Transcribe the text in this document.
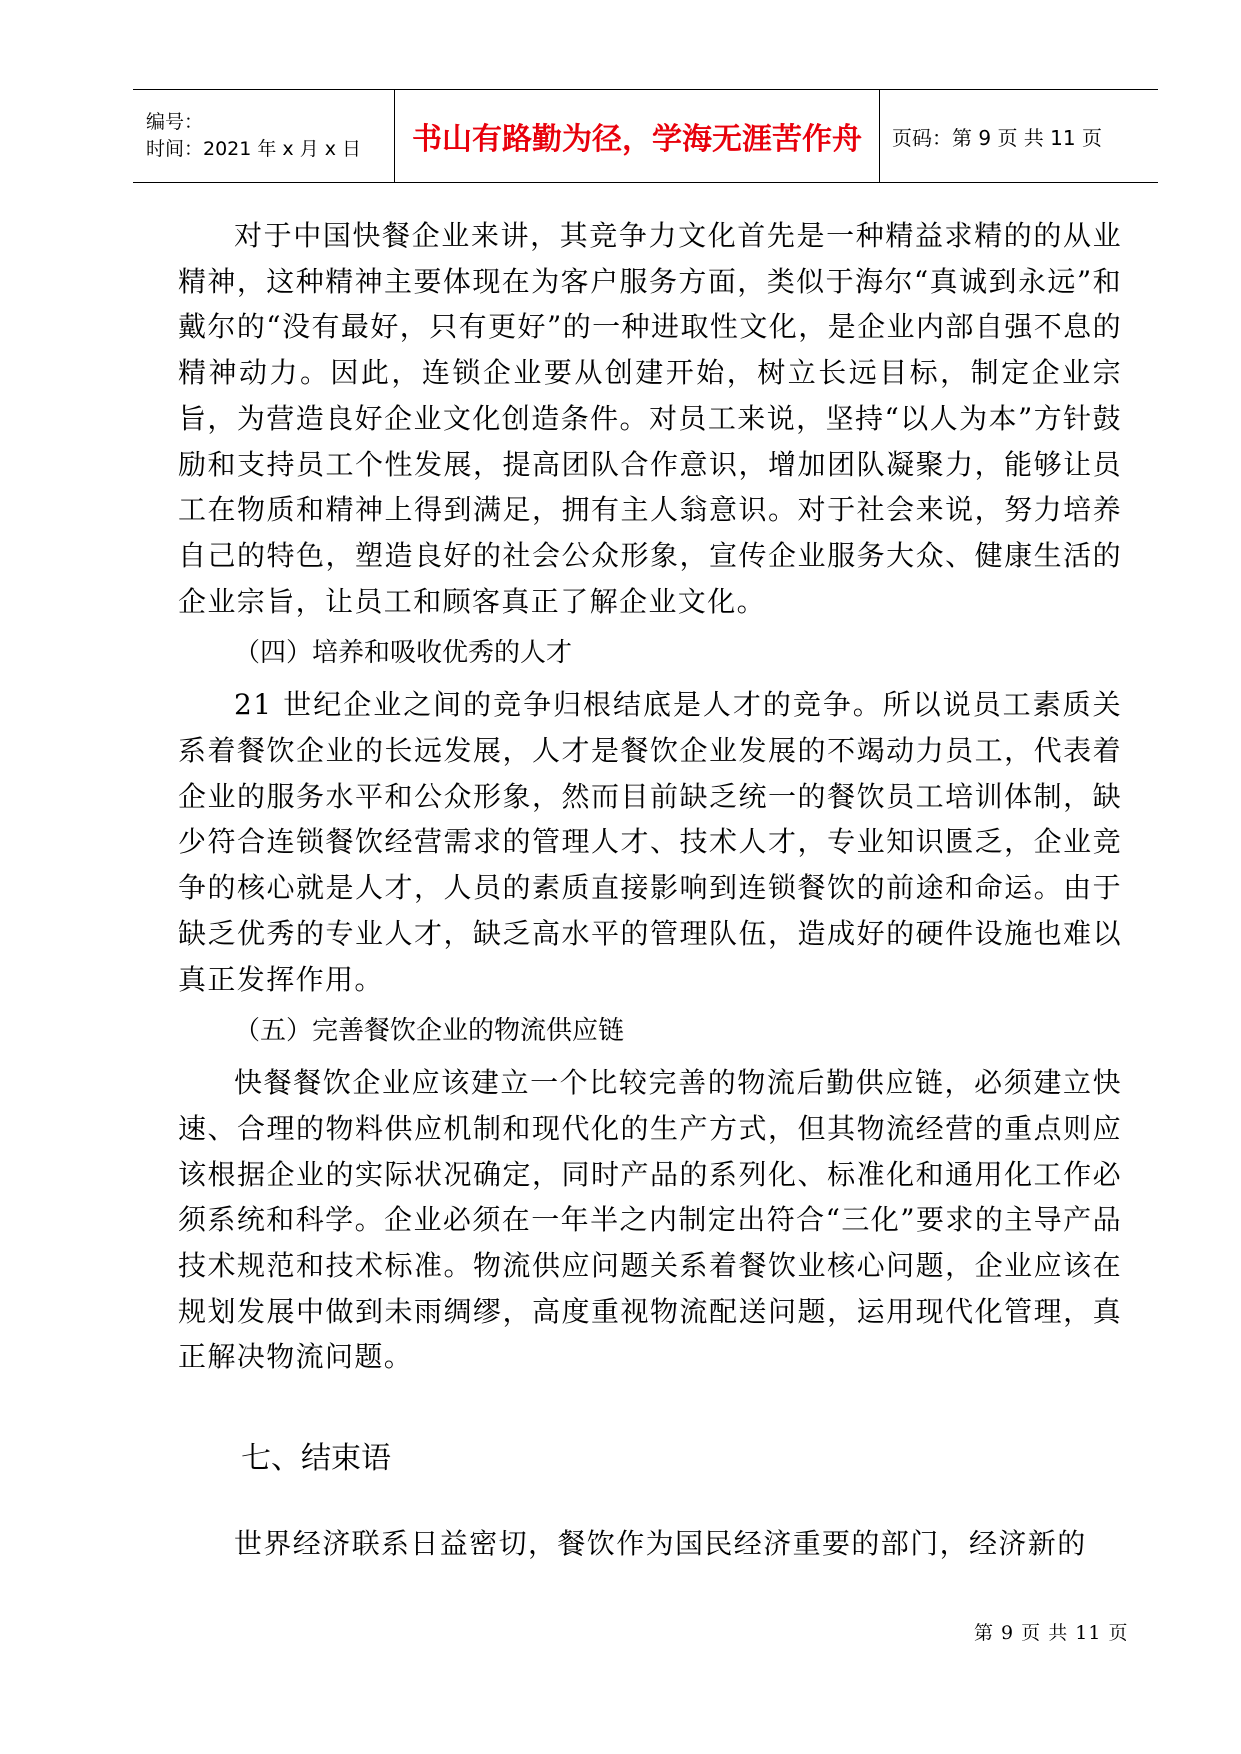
编号：
时间：2021 年 x 月 x 日	书山有路勤为径，学海无涯苦作舟 页码：第 9 页 共 11 页

对于中国快餐企业来讲，其竞争力文化首先是一种精益求精的的从业精神，这种精神主要体现在为客户服务方面，类似于海尔“真诚到永远”和戴尔的“没有最好，只有更好”的一种进取性文化，是企业内部自强不息的精神动力。因此，连锁企业要从创建开始，树立长远目标，制定企业宗旨，为营造良好企业文化创造条件。对员工来说，坚持“以人为本”方针鼓励和支持员工个性发展，提高团队合作意识，增加团队凝聚力，能够让员工在物质和精神上得到满足，拥有主人翁意识。对于社会来说，努力培养自己的特色，塑造良好的社会公众形象，宣传企业服务大众、健康生活的企业宗旨，让员工和顾客真正了解企业文化。

（四）培养和吸收优秀的人才

21 世纪企业之间的竞争归根结底是人才的竞争。所以说员工素质关系着餐饮企业的长远发展，人才是餐饮企业发展的不竭动力员工，代表着企业的服务水平和公众形象，然而目前缺乏统一的餐饮员工培训体制，缺少符合连锁餐饮经营需求的管理人才、技术人才，专业知识匮乏，企业竞争的核心就是人才，人员的素质直接影响到连锁餐饮的前途和命运。由于缺乏优秀的专业人才，缺乏高水平的管理队伍，造成好的硬件设施也难以真正发挥作用。

（五）完善餐饮企业的物流供应链

快餐餐饮企业应该建立一个比较完善的物流后勤供应链，必须建立快速、合理的物料供应机制和现代化的生产方式，但其物流经营的重点则应该根据企业的实际状况确定，同时产品的系列化、标准化和通用化工作必须系统和科学。企业必须在一年半之内制定出符合“三化”要求的主导产品技术规范和技术标准。物流供应问题关系着餐饮业核心问题，企业应该在规划发展中做到未雨绸缪，高度重视物流配送问题，运用现代化管理，真正解决物流问题。

七、结束语

世界经济联系日益密切，餐饮作为国民经济重要的部门，经济新的

第 9 页 共 11 页
